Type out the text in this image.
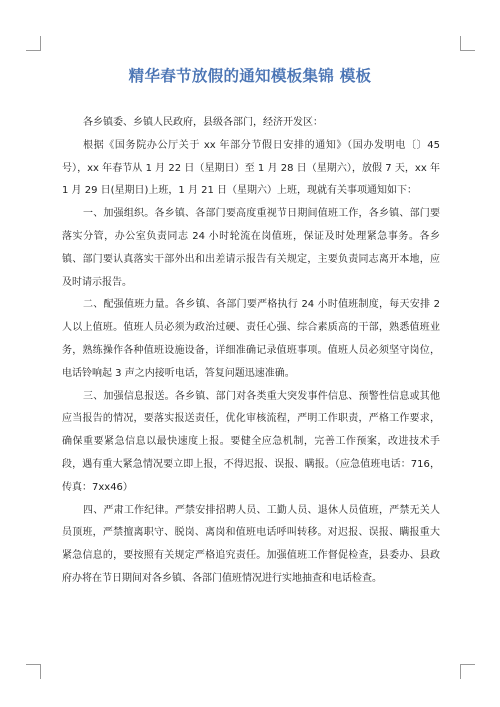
精华春节放假的通知模板集锦 模板

各乡镇委、乡镇人民政府，县级各部门，经济开发区：

根据《国务院办公厅关于 xx 年部分节假日安排的通知》（国办发明电〔〕45 号），xx 年春节从 1 月 22 日（星期日）至 1 月 28 日（星期六），放假 7 天，xx 年 1 月 29 日(星期日)上班，1 月 21 日（星期六）上班，现就有关事项通知如下：

一、加强组织。各乡镇、各部门要高度重视节日期间值班工作，各乡镇、部门要落实分管，办公室负责同志 24 小时轮流在岗值班，保证及时处理紧急事务。各乡镇、部门要认真落实干部外出和出差请示报告有关规定，主要负责同志离开本地，应及时请示报告。

二、配强值班力量。各乡镇、各部门要严格执行 24 小时值班制度，每天安排 2 人以上值班。值班人员必须为政治过硬、责任心强、综合素质高的干部，熟悉值班业务，熟练操作各种值班设施设备，详细准确记录值班事项。值班人员必须坚守岗位，电话铃响起 3 声之内接听电话，答复问题迅速准确。

三、加强信息报送。各乡镇、部门对各类重大突发事件信息、预警性信息或其他应当报告的情况，要落实报送责任，优化审核流程，严明工作职责，严格工作要求，确保重要紧急信息以最快速度上报。要健全应急机制，完善工作预案，改进技术手段，遇有重大紧急情况要立即上报，不得迟报、误报、瞒报。（应急值班电话：716，传真：7xx46）

四、严肃工作纪律。严禁安排招聘人员、工勤人员、退休人员值班，严禁无关人员顶班，严禁擅离职守、脱岗、离岗和值班电话呼叫转移。对迟报、误报、瞒报重大紧急信息的，要按照有关规定严格追究责任。加强值班工作督促检查，县委办、县政府办将在节日期间对各乡镇、各部门值班情况进行实地抽查和电话检查。
